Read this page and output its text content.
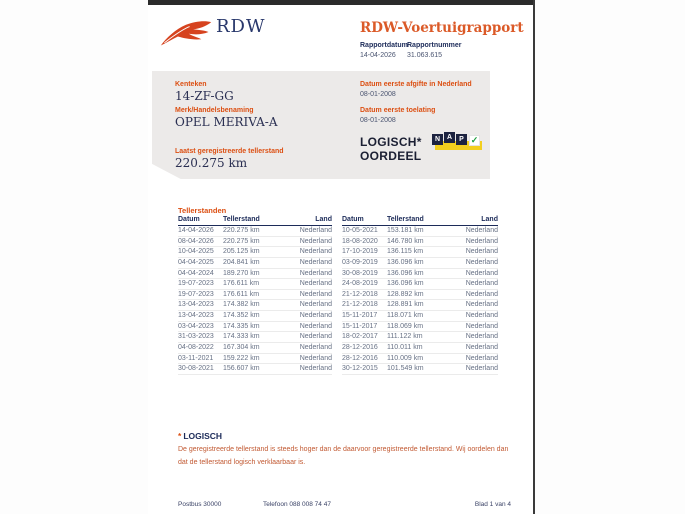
RDW	RDW-Voertuigrapport
Rapportdatum
14-04-2026
Rapportnummer
31.063.615
Kenteken
14-ZF-GG
Merk/Handelsbenaming
OPEL MERIVA-A
Laatst geregistreerde tellerstand
220.275 km
Datum eerste afgifte in Nederland
08-01-2008
Datum eerste toelating
08-01-2008
LOGISCH*
OORDEEL
N A	P ✓
Tellerstanden
Datum	Tellerstand	Land
14-04-2026 220.275 km	Nederland
08-04-2026 220.275 km	Nederland
10-04-2025 205.125 km	Nederland
04-04-2025 204.841 km	Nederland
04-04-2024 189.270 km	Nederland
19-07-2023 176.611 km	Nederland
19-07-2023 176.611 km	Nederland
13-04-2023 174.382 km	Nederland
13-04-2023 174.352 km	Nederland
03-04-2023 174.335 km	Nederland
31-03-2023 174.333 km	Nederland
04-08-2022 167.304 km	Nederland
03-11-2021 159.222 km	Nederland
30-08-2021 156.607 km	Nederland
Datum	Tellerstand	Land
10-05-2021 153.181 km	Nederland
18-08-2020 146.780 km	Nederland
17-10-2019 136.115 km	Nederland
03-09-2019 136.096 km	Nederland
30-08-2019 136.096 km	Nederland
24-08-2019 136.096 km	Nederland
21-12-2018 128.892 km	Nederland
21-12-2018 128.891 km	Nederland
15-11-2017 118.071 km	Nederland
15-11-2017 118.069 km	Nederland
18-02-2017 111.122 km	Nederland
28-12-2016 110.011 km	Nederland
28-12-2016 110.009 km	Nederland
30-12-2015 101.549 km	Nederland
* LOGISCH
De geregistreerde tellerstand is steeds hoger dan de daarvoor geregistreerde tellerstand. Wij oordelen dan dat de tellerstand logisch verklaarbaar is.
Postbus 30000	Telefoon 088 008 74 47	Blad 1 van 4
